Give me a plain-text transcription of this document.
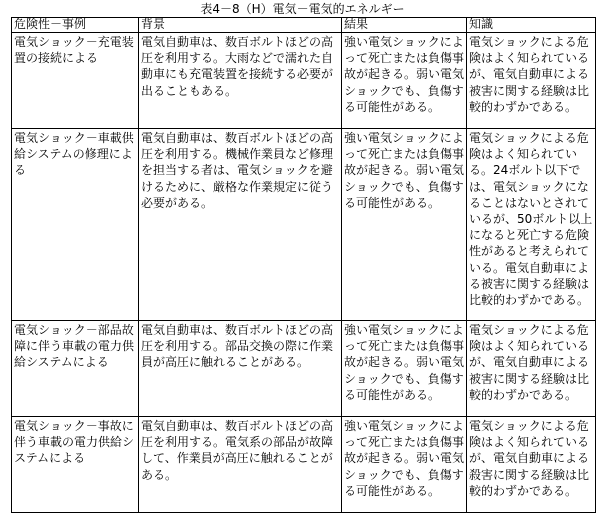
表4－8（H）電気－電気的エネルギー
危険性－事例	背景	結果	知識
電気ショック－充電装置の接続による	電気自動車は、数百ボルトほどの高圧を利用する。大雨などで濡れた自動車にも充電装置を接続する必要が出ることもある。	強い電気ショックによって死亡または負傷事故が起きる。弱い電気ショックでも、負傷する可能性がある。	電気ショックによる危険はよく知られているが、電気自動車による被害に関する経験は比較的わずかである。
電気ショック－車載供給システムの修理による	電気自動車は、数百ボルトほどの高圧を利用する。機械作業員など修理を担当する者は、電気ショックを避けるために、厳格な作業規定に従う必要がある。	強い電気ショックによって死亡または負傷事故が起きる。弱い電気ショックでも、負傷する可能性がある。	電気ショックによる危険はよく知られている。24ボルト以下では、電気ショックになることはないとされているが、50ボルト以上になると死亡する危険性があると考えられている。電気自動車による被害に関する経験は比較的わずかである。
電気ショック－部品故障に伴う車載の電力供給システムによる	電気自動車は、数百ボルトほどの高圧を利用する。部品交換の際に作業員が高圧に触れることがある。	強い電気ショックによって死亡または負傷事故が起きる。弱い電気ショックでも、負傷する可能性がある。	電気ショックによる危険はよく知られているが、電気自動車による被害に関する経験は比較的わずかである。
電気ショック－事故に伴う車載の電力供給システムによる	電気自動車は、数百ボルトほどの高圧を利用する。電気系の部品が故障して、作業員が高圧に触れることがある。	強い電気ショックによって死亡または負傷事故が起きる。弱い電気ショックでも、負傷する可能性がある。	電気ショックによる危険はよく知られているが、電気自動車による殺害に関する経験は比較的わずかである。
